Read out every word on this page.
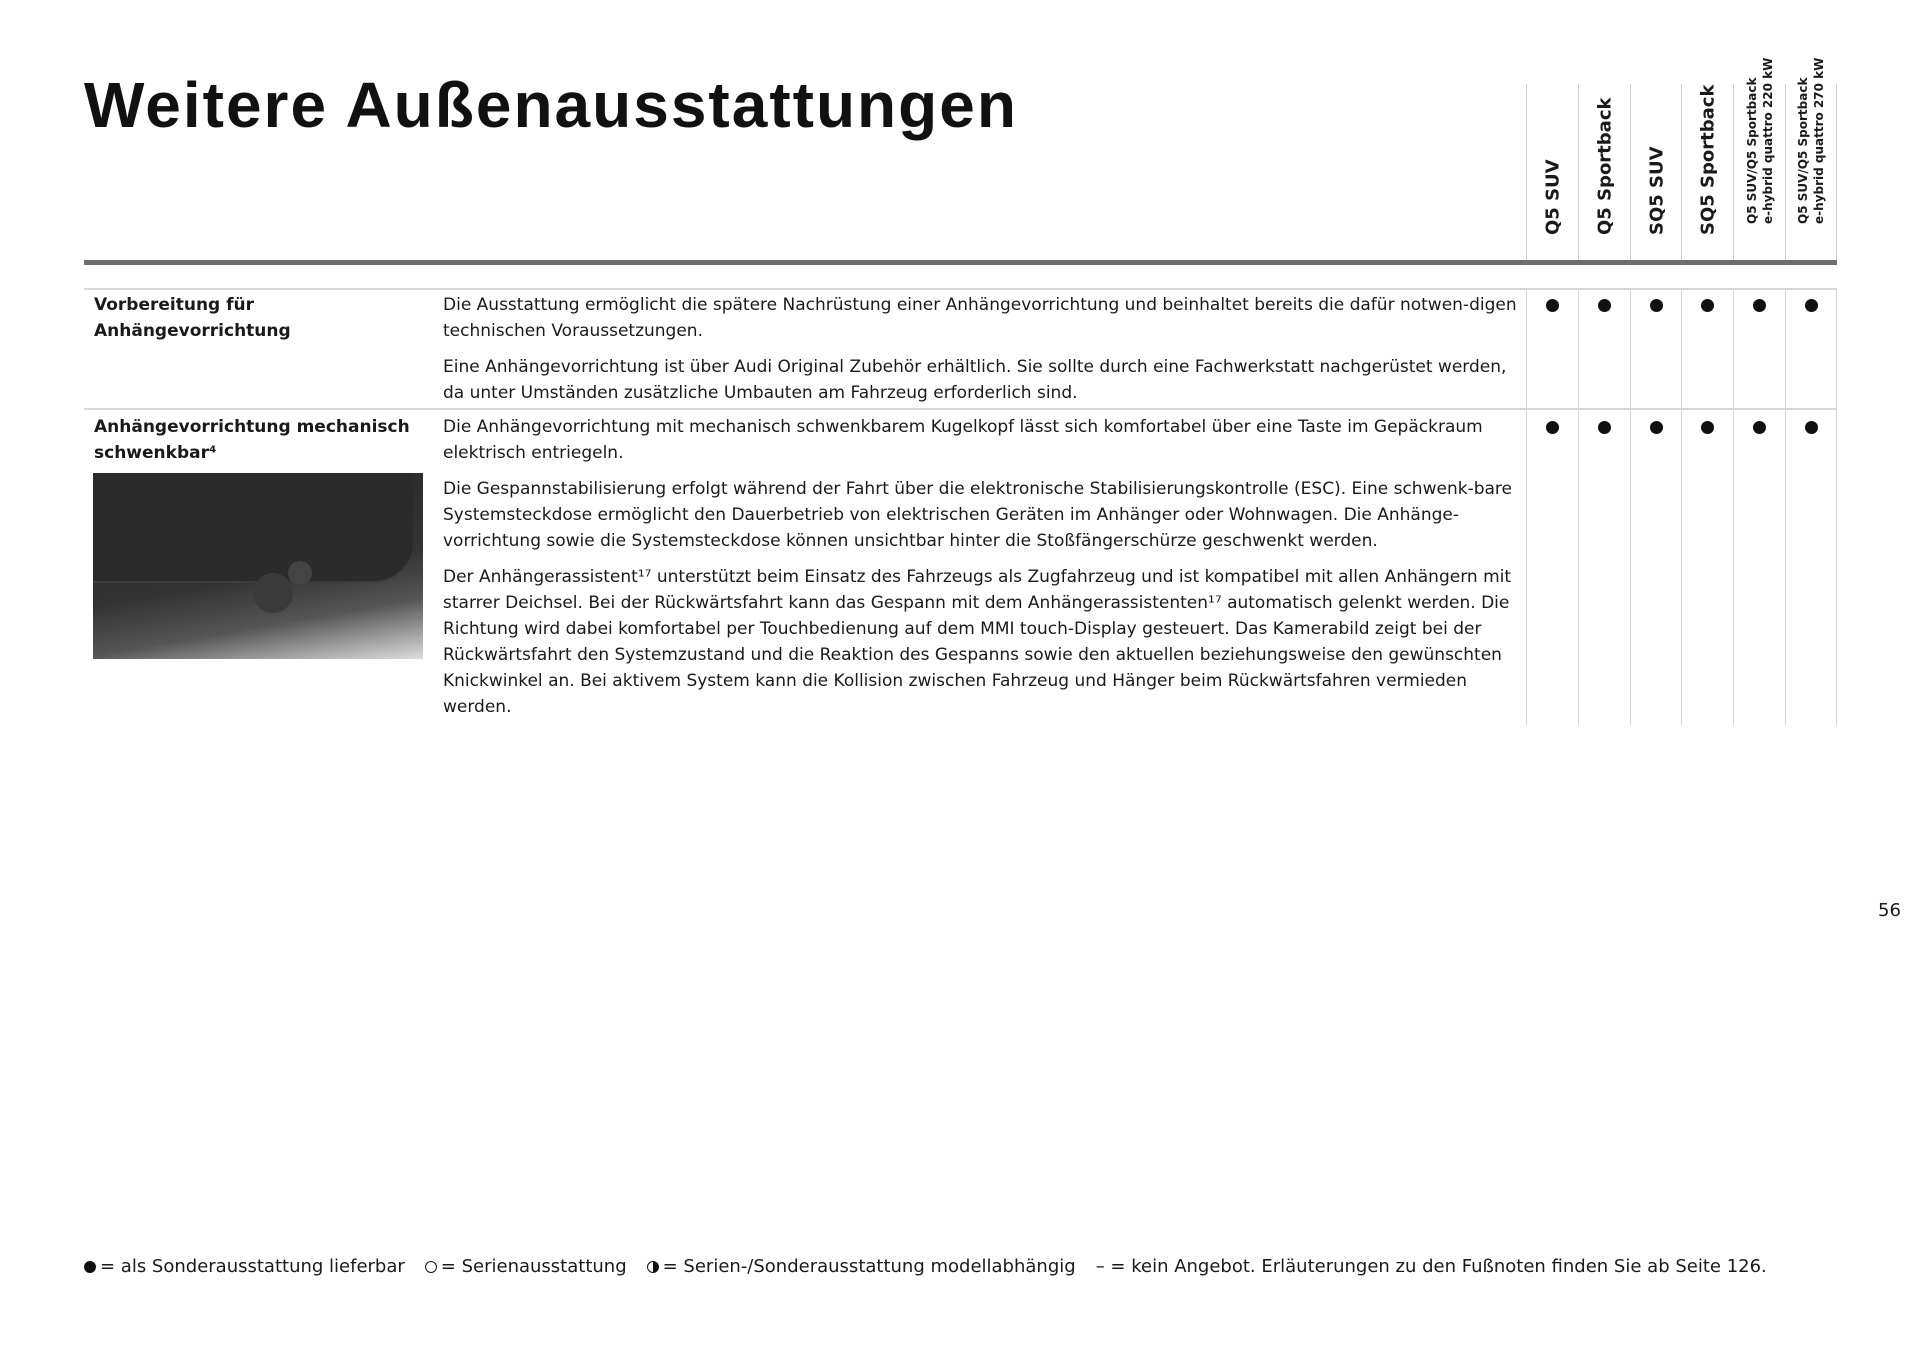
Weitere Außenausstattungen
Q5 SUV Q5 Sportback SQ5 SUV SQ5 Sportback Q5 SUV/Q5 Sportback e-hybrid quattro 220 kW Q5 SUV/Q5 Sportback e-hybrid quattro 270 kW
Vorbereitung für
Anhängevorrichtung

Die Ausstattung ermöglicht die spätere Nachrüstung einer Anhängevorrichtung und beinhaltet bereits die dafür notwen-digen technischen Voraussetzungen.

Eine Anhängevorrichtung ist über Audi Original Zubehör erhältlich. Sie sollte durch eine Fachwerkstatt nachgerüstet werden, da unter Umständen zusätzliche Umbauten am Fahrzeug erforderlich sind.

Anhängevorrichtung mechanisch
schwenkbar⁴

Die Anhängevorrichtung mit mechanisch schwenkbarem Kugelkopf lässt sich komfortabel über eine Taste im Gepäckraum elektrisch entriegeln.

Die Gespannstabilisierung erfolgt während der Fahrt über die elektronische Stabilisierungskontrolle (ESC). Eine schwenk-bare Systemsteckdose ermöglicht den Dauerbetrieb von elektrischen Geräten im Anhänger oder Wohnwagen. Die Anhänge-vorrichtung sowie die Systemsteckdose können unsichtbar hinter die Stoßfängerschürze geschwenkt werden.

Der Anhängerassistent¹⁷ unterstützt beim Einsatz des Fahrzeugs als Zugfahrzeug und ist kompatibel mit allen Anhängern mit starrer Deichsel. Bei der Rückwärtsfahrt kann das Gespann mit dem Anhängerassistenten¹⁷ automatisch gelenkt werden. Die Richtung wird dabei komfortabel per Touchbedienung auf dem MMI touch-Display gesteuert. Das Kamerabild zeigt bei der Rückwärtsfahrt den Systemzustand und die Reaktion des Gespanns sowie den aktuellen beziehungsweise den gewünschten Knickwinkel an. Bei aktivem System kann die Kollision zwischen Fahrzeug und Hänger beim Rückwärtsfahren vermieden werden.

56
= als Sonderausstattung lieferbar = Serienausstattung = Serien-/Sonderausstattung modellabhängig – = kein Angebot. Erläuterungen zu den Fußnoten finden Sie ab Seite 126.
